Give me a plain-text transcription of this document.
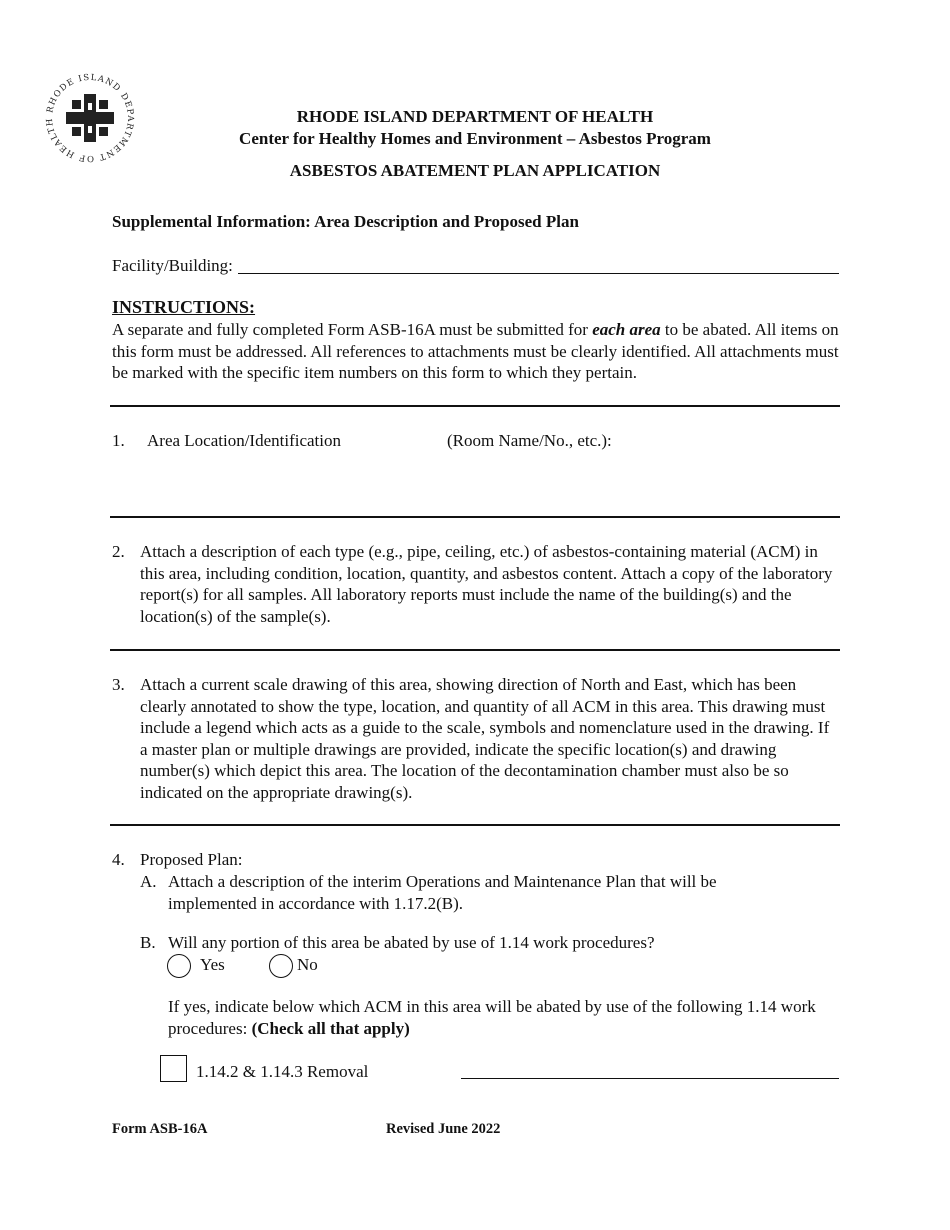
RHODE ISLAND DEPARTMENT OF HEALTH	RHODE ISLAND DEPARTMENT OF HEALTH
Center for Healthy Homes and Environment – Asbestos Program
ASBESTOS ABATEMENT PLAN APPLICATION
Supplemental Information: Area Description and Proposed Plan
Facility/Building:
INSTRUCTIONS:
A separate and fully completed Form ASB-16A must be submitted for each area to be abated. All items on this form must be addressed. All references to attachments must be clearly identified. All attachments must be marked with the specific item numbers on this form to which they pertain.
1. Area Location/Identification	(Room Name/No., etc.):
2. Attach a description of each type (e.g., pipe, ceiling, etc.) of asbestos-containing material (ACM) in this area, including condition, location, quantity, and asbestos content. Attach a copy of the laboratory report(s) for all samples. All laboratory reports must include the name of the building(s) and the location(s) of the sample(s).
3. Attach a current scale drawing of this area, showing direction of North and East, which has been clearly annotated to show the type, location, and quantity of all ACM in this area. This drawing must include a legend which acts as a guide to the scale, symbols and nomenclature used in the drawing. If a master plan or multiple drawings are provided, indicate the specific location(s) and drawing number(s) which depict this area. The location of the decontamination chamber must also be so indicated on the appropriate drawing(s).
4. Proposed Plan:
A. Attach a description of the interim Operations and Maintenance Plan that will be implemented in accordance with 1.17.2(B).
B. Will any portion of this area be abated by use of 1.14 work procedures?
Yes	No
If yes, indicate below which ACM in this area will be abated by use of the following 1.14 work procedures: (Check all that apply)
1.14.2 & 1.14.3 Removal
Form ASB-16A	Revised June 2022
